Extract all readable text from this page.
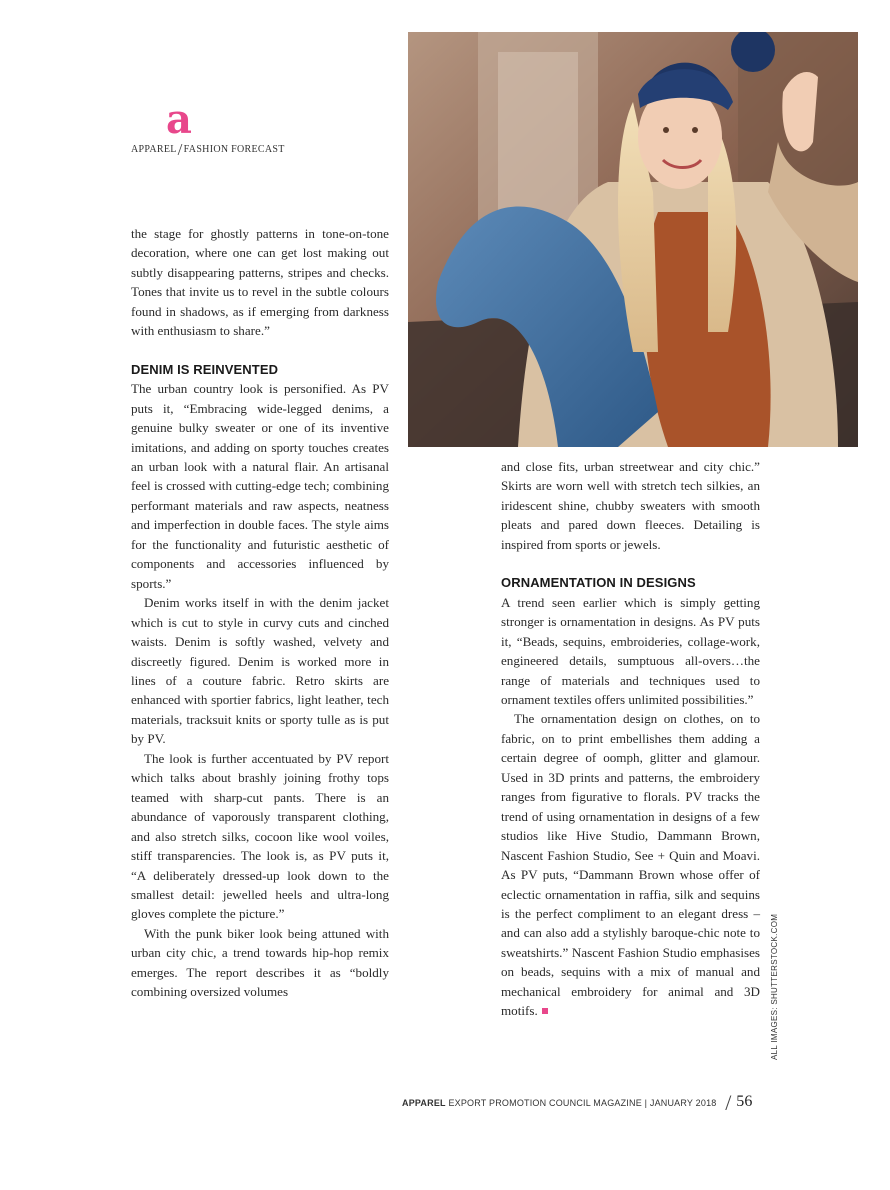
a
APPAREL/FASHION FORECAST

the stage for ghostly patterns in tone-on-tone decoration, where one can get lost making out subtly disappearing patterns, stripes and checks. Tones that invite us to revel in the subtle colours found in shadows, as if emerging from darkness with enthusiasm to share.”

DENIM IS REINVENTED

The urban country look is personified. As PV puts it, “Embracing wide-legged denims, a genuine bulky sweater or one of its inventive imitations, and adding on sporty touches creates an urban look with a natural flair. An artisanal feel is crossed with cutting-edge tech; combining performant materials and raw aspects, neatness and imperfection in double faces. The style aims for the functionality and futuristic aesthetic of components and accessories influenced by sports.”

Denim works itself in with the denim jacket which is cut to style in curvy cuts and cinched waists. Denim is softly washed, velvety and discreetly figured. Denim is worked more in lines of a couture fabric. Retro skirts are enhanced with sportier fabrics, light leather, tech materials, tracksuit knits or sporty tulle as is put by PV.

The look is further accentuated by PV report which talks about brashly joining frothy tops teamed with sharp-cut pants. There is an abundance of vaporously transparent clothing, and also stretch silks, cocoon like wool voiles, stiff transparencies. The look is, as PV puts it, “A deliberately dressed-up look down to the smallest detail: jewelled heels and ultra-long gloves complete the picture.”

With the punk biker look being attuned with urban city chic, a trend towards hip-hop remix emerges. The report describes it as “boldly combining oversized volumes

and close fits, urban streetwear and city chic.” Skirts are worn well with stretch tech silkies, an iridescent shine, chubby sweaters with smooth pleats and pared down fleeces. Detailing is inspired from sports or jewels.

ORNAMENTATION IN DESIGNS

A trend seen earlier which is simply getting stronger is ornamentation in designs. As PV puts it, “Beads, sequins, embroideries, collage-work, engineered details, sumptuous all-overs…the range of materials and techniques used to ornament textiles offers unlimited possibilities.”

The ornamentation design on clothes, on to fabric, on to print embellishes them adding a certain degree of oomph, glitter and glamour. Used in 3D prints and patterns, the embroidery ranges from figurative to florals. PV tracks the trend of using ornamentation in designs of a few studios like Hive Studio, Dammann Brown, Nascent Fashion Studio, See + Quin and Moavi. As PV puts, “Dammann Brown whose offer of eclectic ornamentation in raffia, silk and sequins is the perfect compliment to an elegant dress – and can also add a stylishly baroque-chic note to sweatshirts.” Nascent Fashion Studio emphasises on beads, sequins with a mix of manual and mechanical embroidery for animal and 3D motifs.	ALL IMAGES: SHUTTERSTOCK.COM
APPAREL EXPORT PROMOTION COUNCIL MAGAZINE | JANUARY 2018 / 56
